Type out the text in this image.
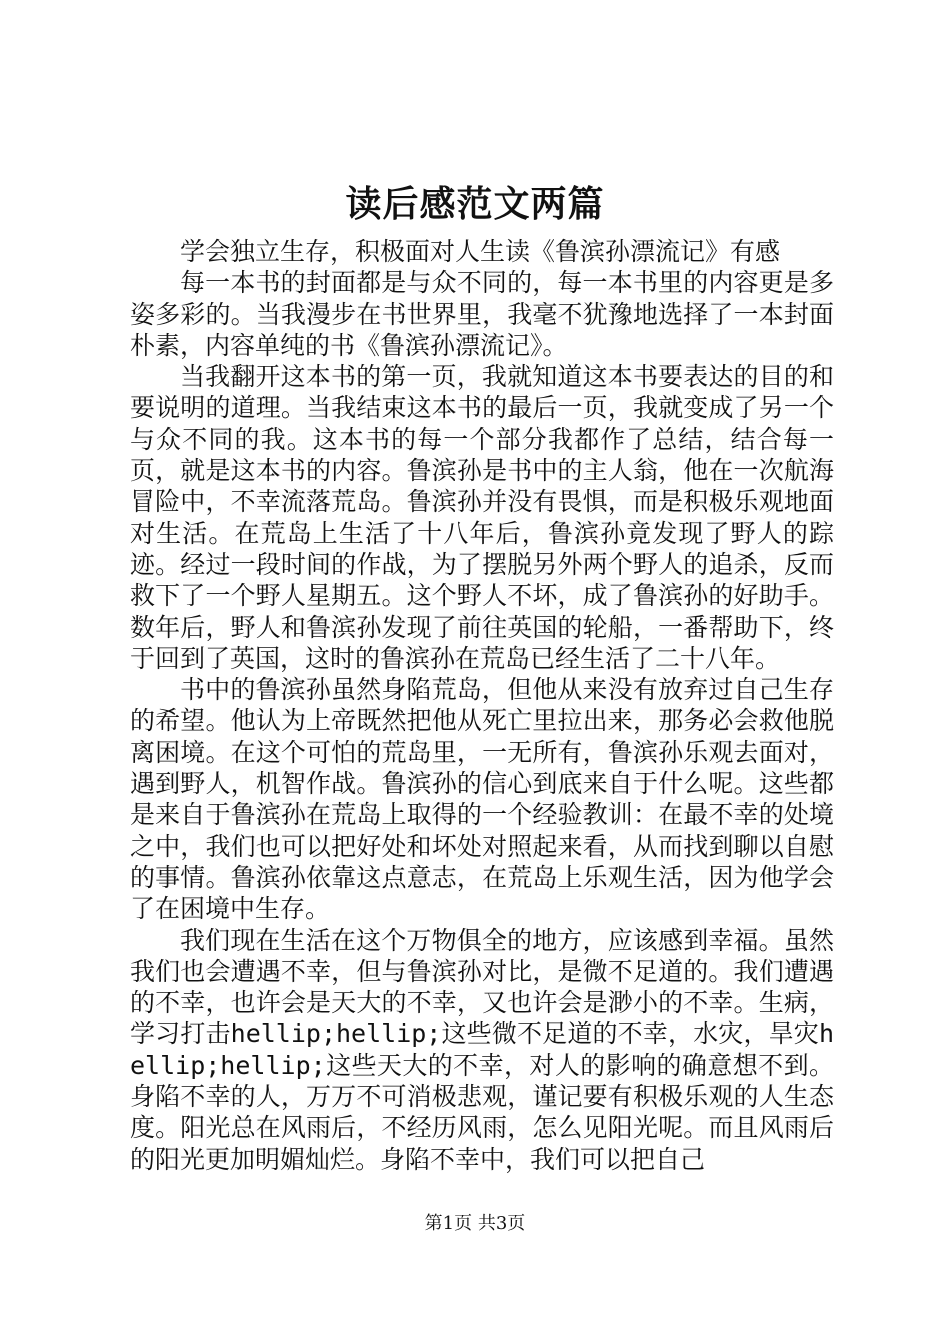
读后感范文两篇

学会独立生存，积极面对人生读《鲁滨孙漂流记》有感

每一本书的封面都是与众不同的，每一本书里的内容更是多姿多彩的。当我漫步在书世界里，我毫不犹豫地选择了一本封面朴素，内容单纯的书《鲁滨孙漂流记》。

当我翻开这本书的第一页，我就知道这本书要表达的目的和要说明的道理。当我结束这本书的最后一页，我就变成了另一个与众不同的我。这本书的每一个部分我都作了总结，结合每一页，就是这本书的内容。鲁滨孙是书中的主人翁，他在一次航海冒险中，不幸流落荒岛。鲁滨孙并没有畏惧，而是积极乐观地面对生活。在荒岛上生活了十八年后，鲁滨孙竟发现了野人的踪迹。经过一段时间的作战，为了摆脱另外两个野人的追杀，反而救下了一个野人星期五。这个野人不坏，成了鲁滨孙的好助手。数年后，野人和鲁滨孙发现了前往英国的轮船，一番帮助下，终于回到了英国，这时的鲁滨孙在荒岛已经生活了二十八年。

书中的鲁滨孙虽然身陷荒岛，但他从来没有放弃过自己生存的希望。他认为上帝既然把他从死亡里拉出来，那务必会救他脱离困境。在这个可怕的荒岛里，一无所有，鲁滨孙乐观去面对，遇到野人，机智作战。鲁滨孙的信心到底来自于什么呢。这些都是来自于鲁滨孙在荒岛上取得的一个经验教训：在最不幸的处境之中，我们也可以把好处和坏处对照起来看，从而找到聊以自慰的事情。鲁滨孙依靠这点意志，在荒岛上乐观生活，因为他学会了在困境中生存。

我们现在生活在这个万物俱全的地方，应该感到幸福。虽然我们也会遭遇不幸，但与鲁滨孙对比，是微不足道的。我们遭遇的不幸，也许会是天大的不幸，又也许会是渺小的不幸。生病，学习打击hellip;hellip;这些微不足道的不幸，水灾，旱灾hellip;hellip;这些天大的不幸，对人的影响的确意想不到。身陷不幸的人，万万不可消极悲观，谨记要有积极乐观的人生态度。阳光总在风雨后，不经历风雨，怎么见阳光呢。而且风雨后的阳光更加明媚灿烂。身陷不幸中，我们可以把自己

第1页 共3页
